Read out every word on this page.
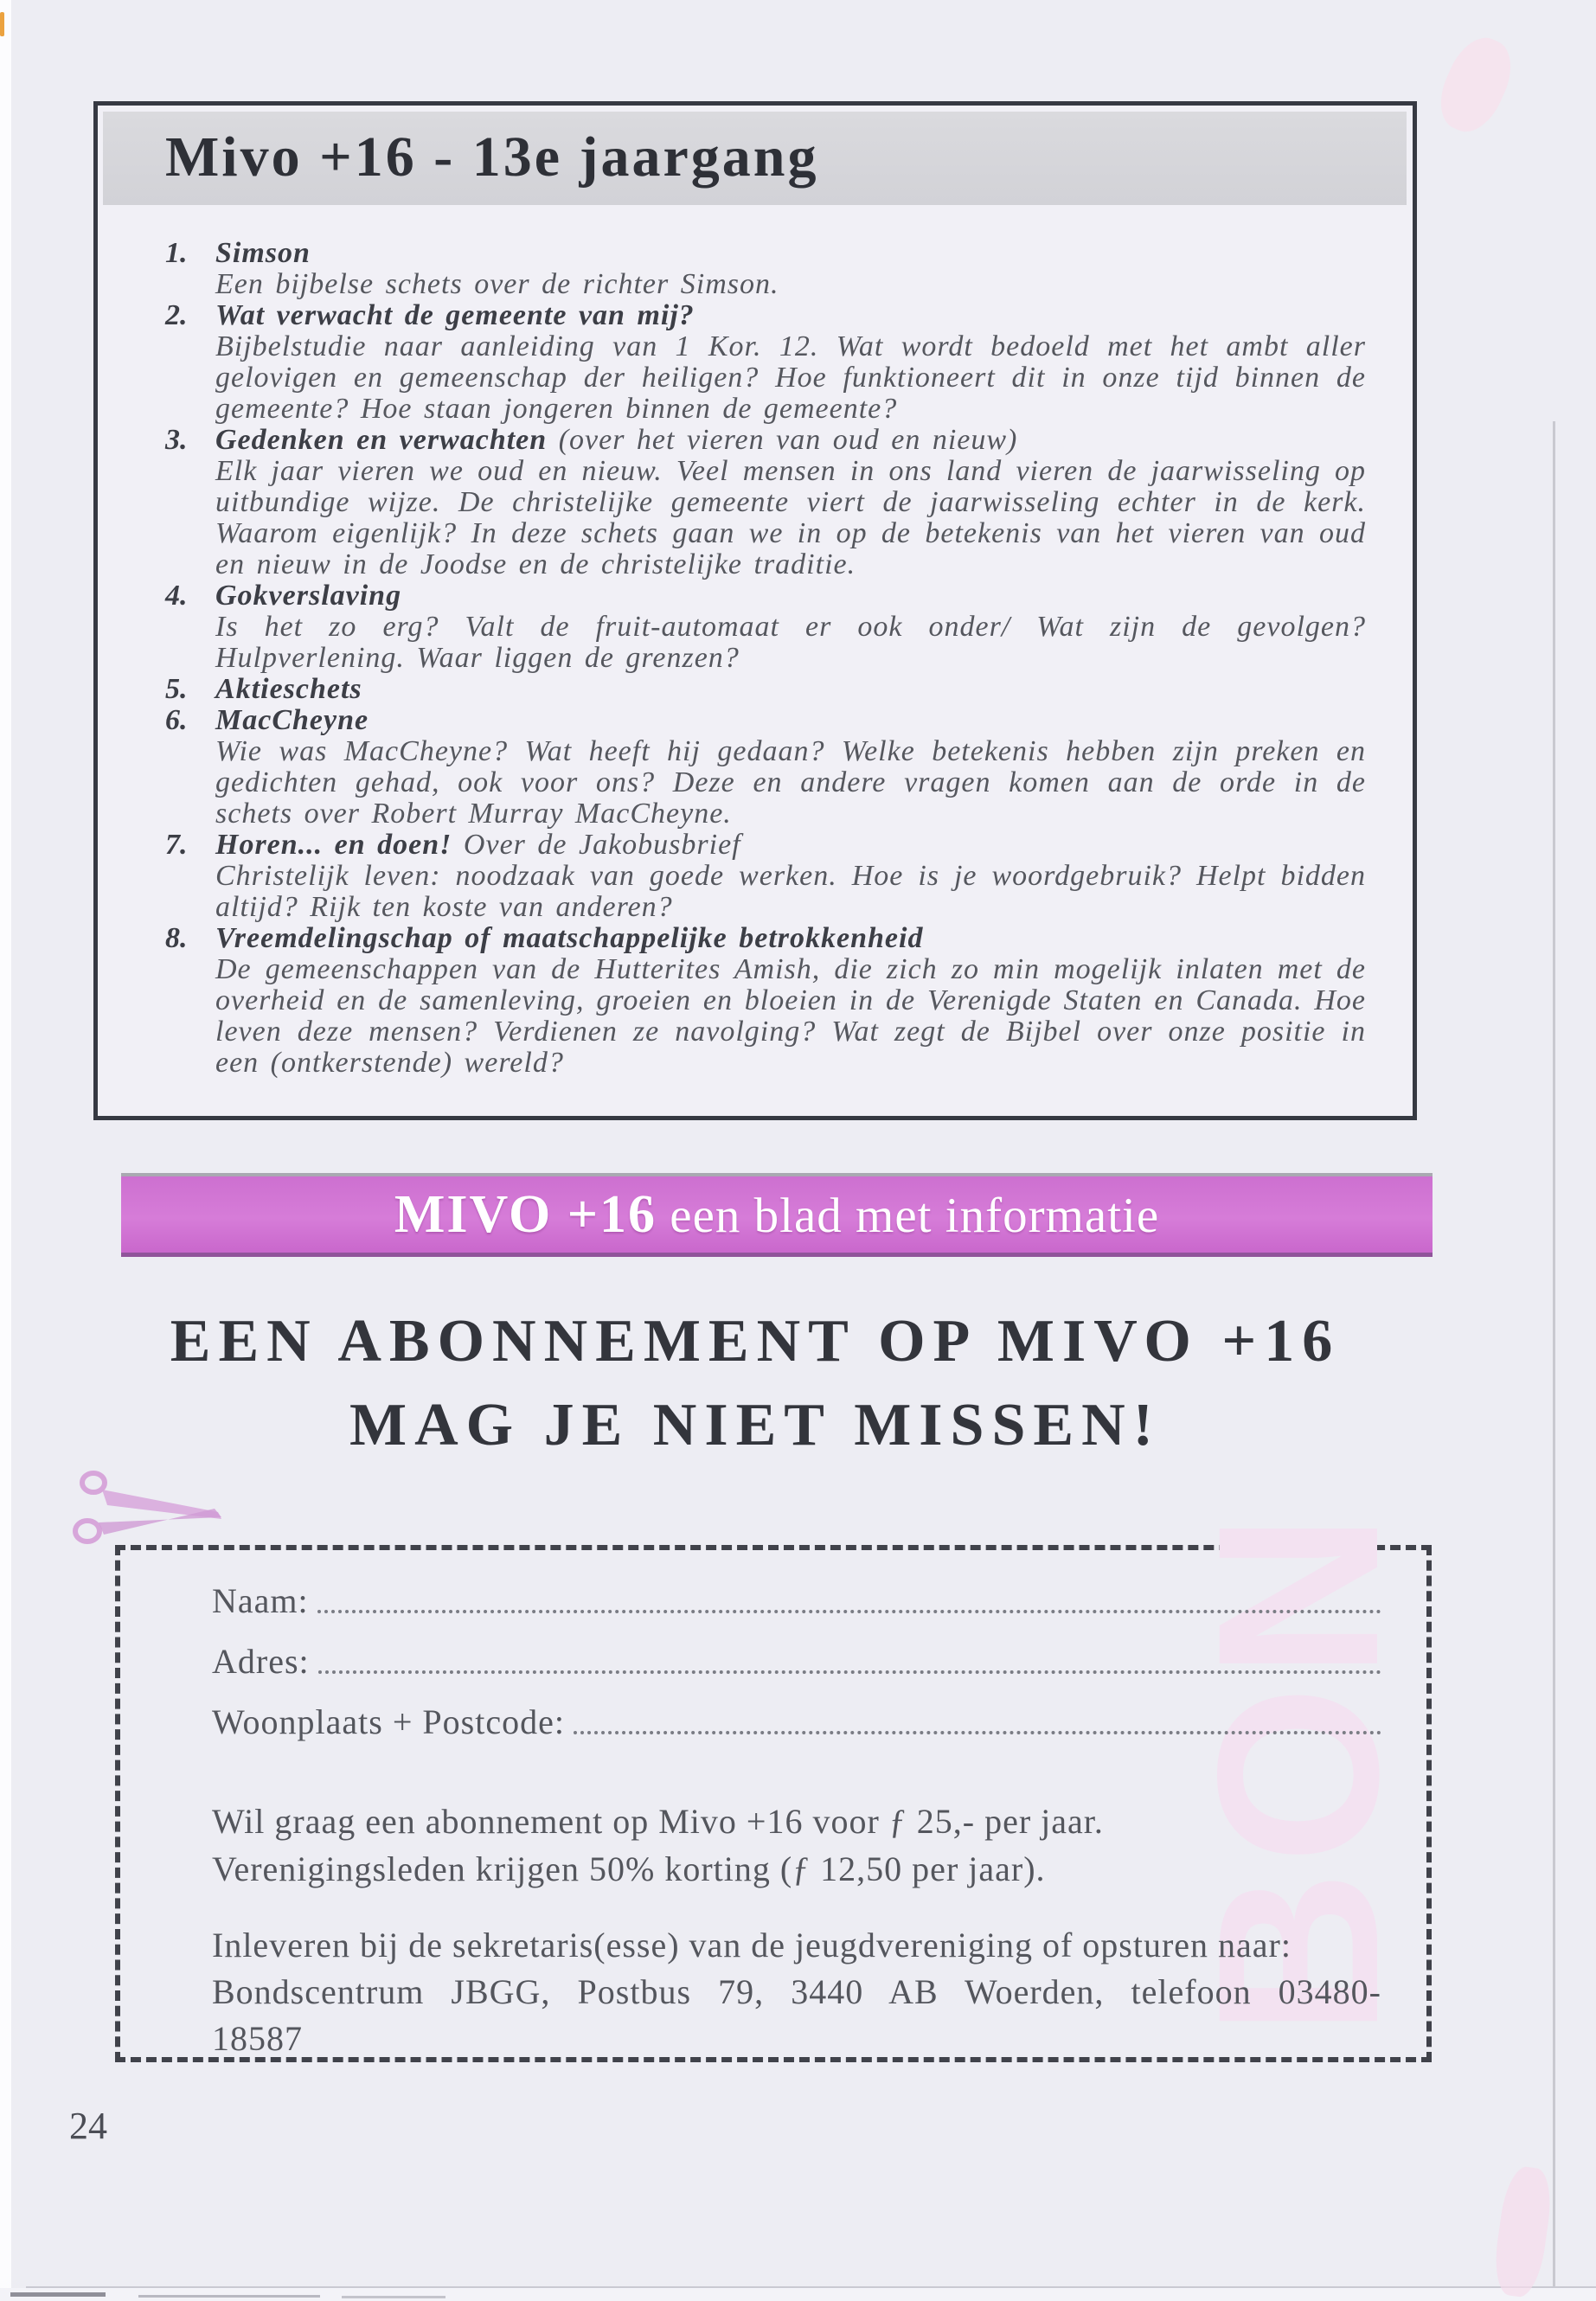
Mivo +16 - 13e jaargang
1. Simson
Een bijbelse schets over de richter Simson.
2. Wat verwacht de gemeente van mij?
Bijbelstudie naar aanleiding van 1 Kor. 12. Wat wordt bedoeld met het ambt aller gelovigen en gemeenschap der heiligen? Hoe funktioneert dit in onze tijd binnen de gemeente? Hoe staan jongeren binnen de gemeente?
3. Gedenken en verwachten (over het vieren van oud en nieuw)
Elk jaar vieren we oud en nieuw. Veel mensen in ons land vieren de jaarwisseling op uitbundige wijze. De christelijke gemeente viert de jaarwisseling echter in de kerk. Waarom eigenlijk? In deze schets gaan we in op de betekenis van het vieren van oud en nieuw in de Joodse en de christelijke traditie.
4. Gokverslaving
Is het zo erg? Valt de fruit-automaat er ook onder/ Wat zijn de gevolgen? Hulpverlening. Waar liggen de grenzen?
5. Aktieschets
6. MacCheyne
Wie was MacCheyne? Wat heeft hij gedaan? Welke betekenis hebben zijn preken en gedichten gehad, ook voor ons? Deze en andere vragen komen aan de orde in de schets over Robert Murray MacCheyne.
7. Horen... en doen! Over de Jakobusbrief
Christelijk leven: noodzaak van goede werken. Hoe is je woordgebruik? Helpt bidden altijd? Rijk ten koste van anderen?
8. Vreemdelingschap of maatschappelijke betrokkenheid
De gemeenschappen van de Hutterites Amish, die zich zo min mogelijk inlaten met de overheid en de samenleving, groeien en bloeien in de Verenigde Staten en Canada. Hoe leven deze mensen? Verdienen ze navolging? Wat zegt de Bijbel over onze positie in een (ontkerstende) wereld?
MIVO +16 een blad met informatie
EEN ABONNEMENT OP MIVO +16
MAG JE NIET MISSEN!
BON
Naam:
Adres:
Woonplaats + Postcode:
Wil graag een abonnement op Mivo +16 voor ƒ 25,- per jaar.
Verenigingsleden krijgen 50% korting (ƒ 12,50 per jaar).
Inleveren bij de sekretaris(esse) van de jeugdvereniging of opsturen naar:
Bondscentrum JBGG, Postbus 79, 3440 AB Woerden, telefoon 03480-
18587
24
